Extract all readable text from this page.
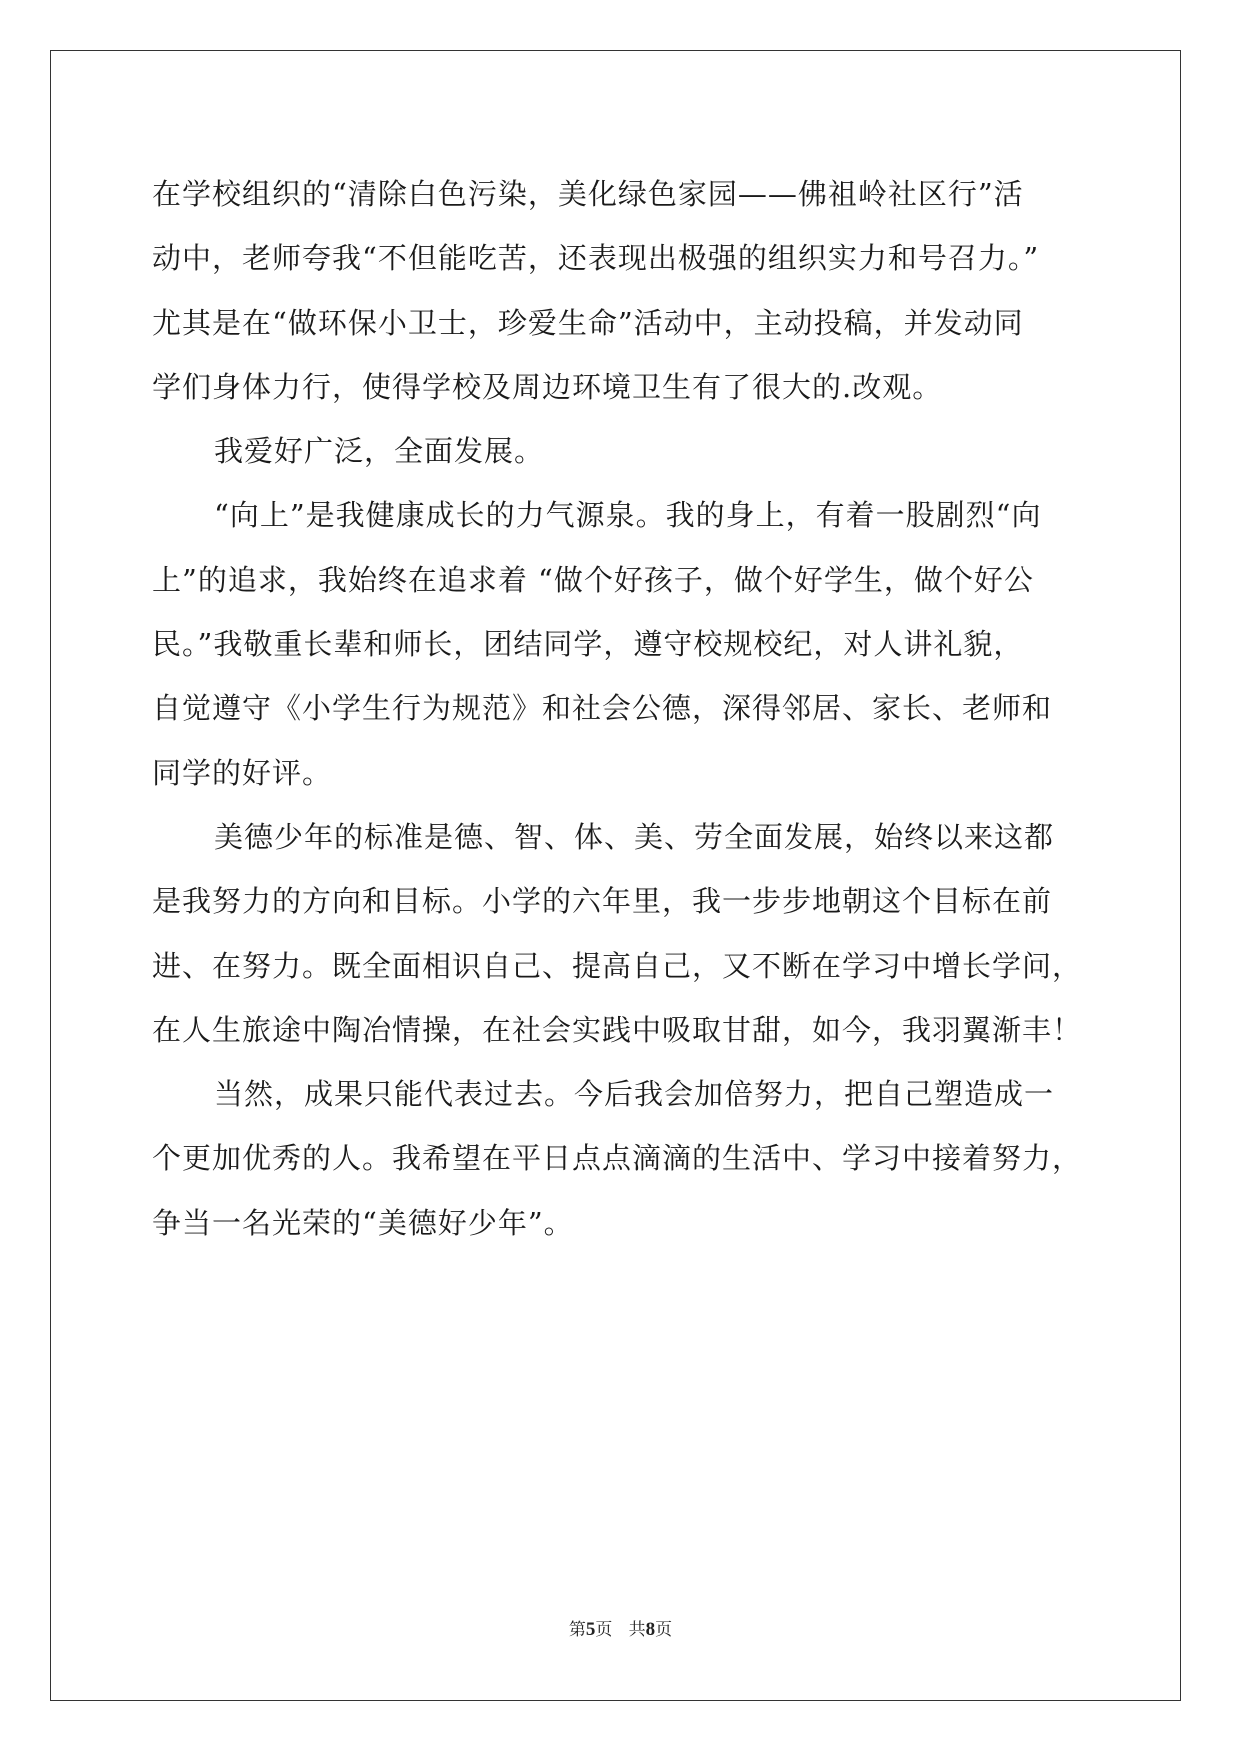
在学校组织的“清除白色污染，美化绿色家园——佛祖岭社区行”活
动中，老师夸我“不但能吃苦，还表现出极强的组织实力和号召力。”
尤其是在“做环保小卫士，珍爱生命”活动中，主动投稿，并发动同
学们身体力行，使得学校及周边环境卫生有了很大的.改观。
我爱好广泛，全面发展。
“向上”是我健康成长的力气源泉。我的身上，有着一股剧烈“向
上”的追求，我始终在追求着 “做个好孩子，做个好学生，做个好公
民。”我敬重长辈和师长，团结同学，遵守校规校纪，对人讲礼貌，
自觉遵守《小学生行为规范》和社会公德，深得邻居、家长、老师和
同学的好评。
美德少年的标准是德、智、体、美、劳全面发展，始终以来这都
是我努力的方向和目标。小学的六年里，我一步步地朝这个目标在前
进、在努力。既全面相识自己、提高自己，又不断在学习中增长学问，
在人生旅途中陶冶情操，在社会实践中吸取甘甜，如今，我羽翼渐丰！
当然，成果只能代表过去。今后我会加倍努力，把自己塑造成一
个更加优秀的人。我希望在平日点点滴滴的生活中、学习中接着努力，
争当一名光荣的“美德好少年”。
第5页 共8页
